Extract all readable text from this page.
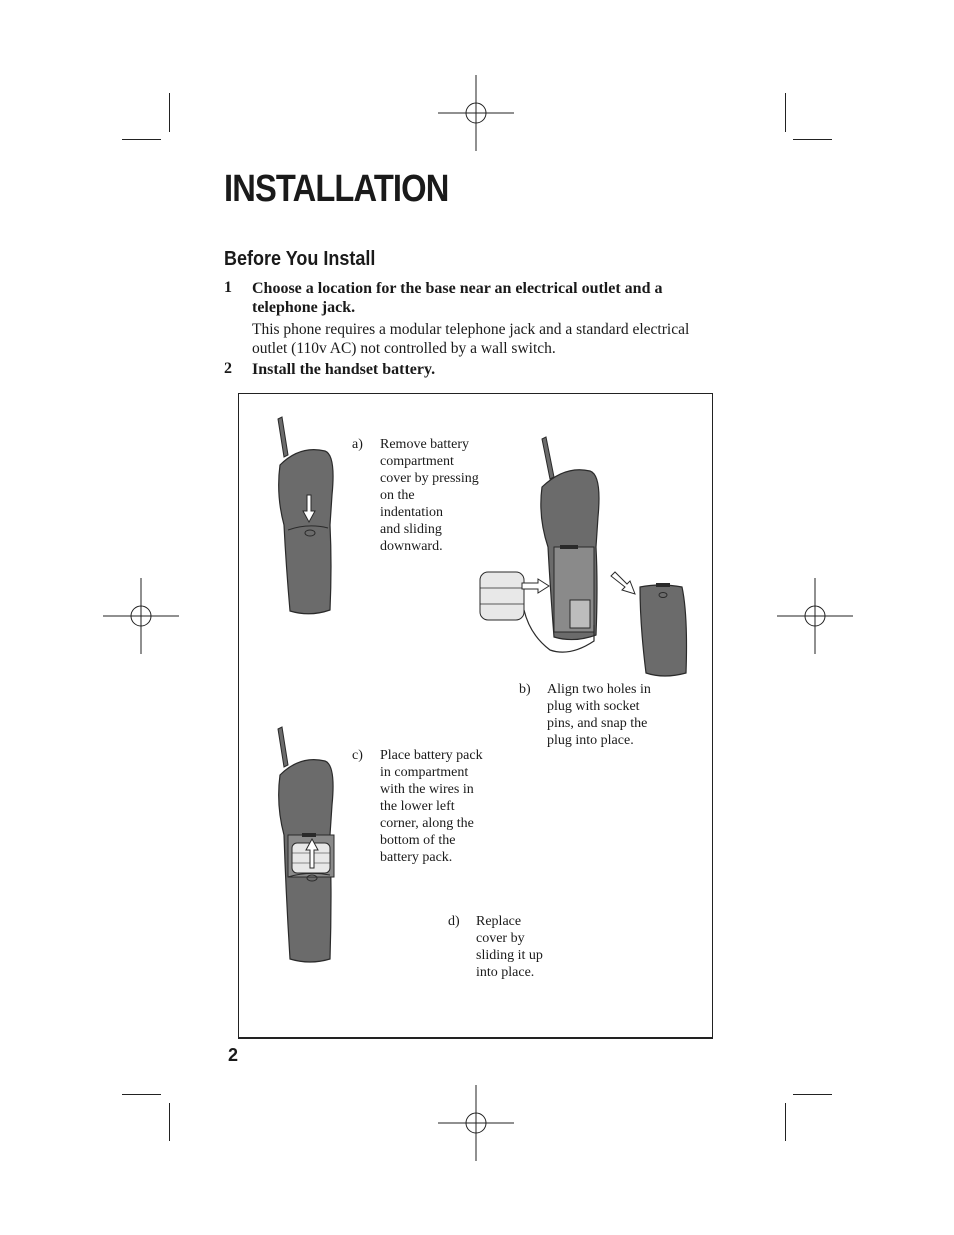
INSTALLATION
Before You Install
1 Choose a location for the base near an electrical outlet and a
telephone jack.
This phone requires a modular telephone jack and a standard electrical
outlet (110v AC) not controlled by a wall switch.
2 Install the handset battery.
a) Remove battery
compartment
cover by pressing
on the
indentation
and sliding
downward.
b) Align two holes in
plug with socket
pins, and snap the
plug into place.
c) Place battery pack
in compartment
with the wires in
the lower left
corner, along the
bottom of the
battery pack.
d) Replace
cover by
sliding it up
into place.
2
